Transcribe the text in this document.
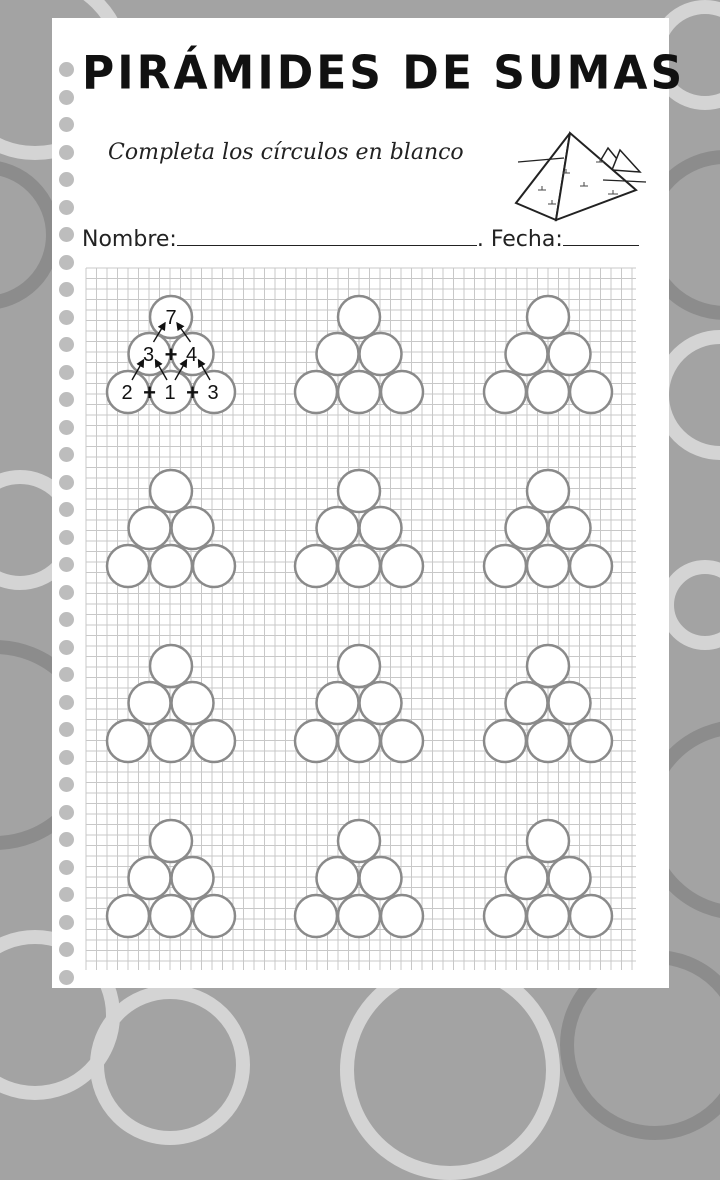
PIRÁMIDES DE SUMAS
Completa los círculos en blanco
Nombre:	. Fecha:
7
3 4
2 1 3
+
+ +
